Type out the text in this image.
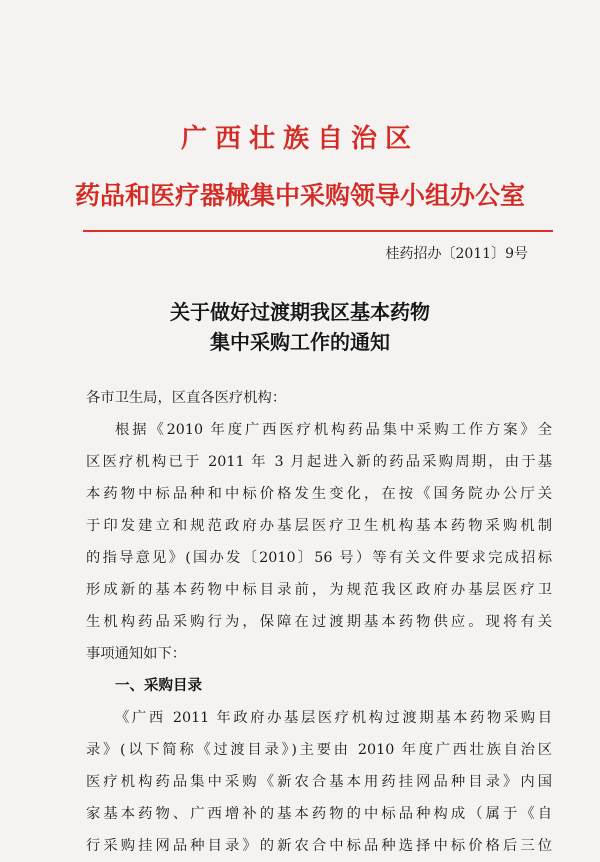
广西壮族自治区
药品和医疗器械集中采购领导小组办公室
桂药招办〔2011〕9号
关于做好过渡期我区基本药物
集中采购工作的通知
各市卫生局，区直各医疗机构：
根据《2010 年度广西医疗机构药品集中采购工作方案》全
区医疗机构已于 2011 年 3 月起进入新的药品采购周期，由于基
本药物中标品种和中标价格发生变化，在按《国务院办公厅关
于印发建立和规范政府办基层医疗卫生机构基本药物采购机制
的指导意见》(国办发〔2010〕56 号）等有关文件要求完成招标
形成新的基本药物中标目录前，为规范我区政府办基层医疗卫
生机构药品采购行为，保障在过渡期基本药物供应。现将有关
事项通知如下：
一、采购目录
《广西 2011 年政府办基层医疗机构过渡期基本药物采购目
录》(以下简称《过渡目录》)主要由 2010 年度广西壮族自治区
医疗机构药品集中采购《新农合基本用药挂网品种目录》内国
家基本药物、广西增补的基本药物的中标品种构成（属于《自
行采购挂网品种目录》的新农合中标品种选择中标价格后三位
